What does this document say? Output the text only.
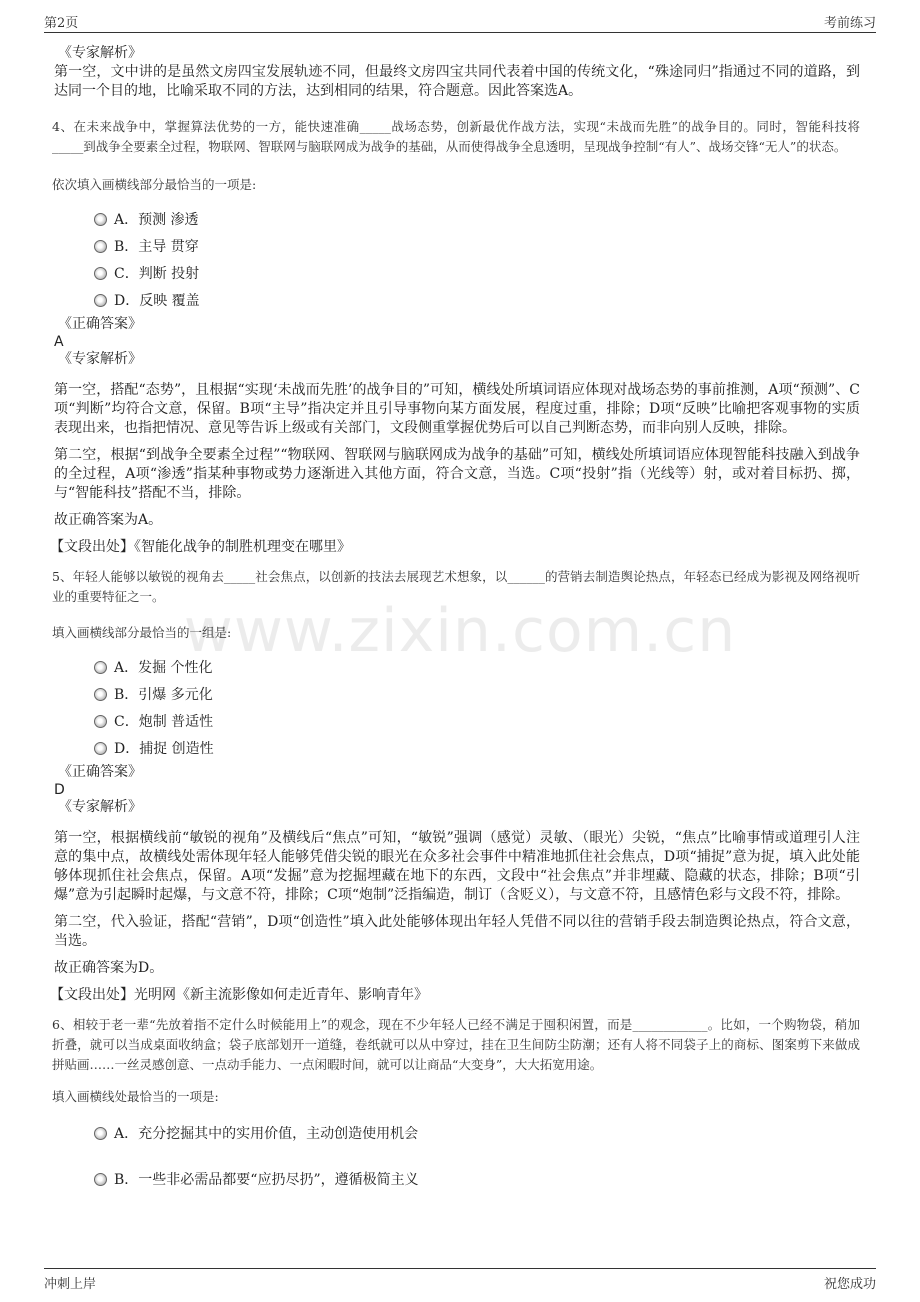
第2页	考前练习
www.zixin.com.cn
《专家解析》
第一空，文中讲的是虽然文房四宝发展轨迹不同，但最终文房四宝共同代表着中国的传统文化，“殊途同归”指通过不同的道路，到达同一个目的地，比喻采取不同的方法，达到相同的结果，符合题意。因此答案选A。
4、在未来战争中，掌握算法优势的一方，能快速准确_____战场态势，创新最优作战方法，实现“未战而先胜”的战争目的。同时，智能科技将_____到战争全要素全过程，物联网、智联网与脑联网成为战争的基础，从而使得战争全息透明，呈现战争控制“有人”、战场交锋“无人”的状态。
依次填入画横线部分最恰当的一项是:
A．预测 渗透
B．主导 贯穿
C．判断 投射
D．反映 覆盖
《正确答案》
A
《专家解析》
第一空，搭配“态势”，且根据“实现‘未战而先胜’的战争目的”可知，横线处所填词语应体现对战场态势的事前推测，A项“预测”、C项“判断”均符合文意，保留。B项“主导”指决定并且引导事物向某方面发展，程度过重，排除；D项“反映”比喻把客观事物的实质表现出来，也指把情况、意见等告诉上级或有关部门，文段侧重掌握优势后可以自己判断态势，而非向别人反映，排除。
第二空，根据“到战争全要素全过程”“物联网、智联网与脑联网成为战争的基础”可知，横线处所填词语应体现智能科技融入到战争的全过程，A项“渗透”指某种事物或势力逐渐进入其他方面，符合文意，当选。C项“投射”指（光线等）射，或对着目标扔、掷，与“智能科技”搭配不当，排除。
故正确答案为A。
【文段出处】《智能化战争的制胜机理变在哪里》
5、年轻人能够以敏锐的视角去_____社会焦点，以创新的技法去展现艺术想象，以______的营销去制造舆论热点，年轻态已经成为影视及网络视听业的重要特征之一。
填入画横线部分最恰当的一组是:
A．发掘 个性化
B．引爆 多元化
C．炮制 普适性
D．捕捉 创造性
《正确答案》
D
《专家解析》
第一空，根据横线前“敏锐的视角”及横线后“焦点”可知，“敏锐”强调（感觉）灵敏、（眼光）尖锐，“焦点”比喻事情或道理引人注意的集中点，故横线处需体现年轻人能够凭借尖锐的眼光在众多社会事件中精准地抓住社会焦点，D项“捕捉”意为捉，填入此处能够体现抓住社会焦点，保留。A项“发掘”意为挖掘埋藏在地下的东西，文段中“社会焦点”并非埋藏、隐藏的状态，排除；B项“引爆”意为引起瞬时起爆，与文意不符，排除；C项“炮制”泛指编造，制订（含贬义），与文意不符，且感情色彩与文段不符，排除。
第二空，代入验证，搭配“营销”，D项“创造性”填入此处能够体现出年轻人凭借不同以往的营销手段去制造舆论热点，符合文意，当选。
故正确答案为D。
【文段出处】光明网《新主流影像如何走近青年、影响青年》
6、相较于老一辈“先放着指不定什么时候能用上”的观念，现在不少年轻人已经不满足于囤积闲置，而是____________。比如，一个购物袋，稍加折叠，就可以当成桌面收纳盒；袋子底部划开一道缝，卷纸就可以从中穿过，挂在卫生间防尘防潮；还有人将不同袋子上的商标、图案剪下来做成拼贴画……一丝灵感创意、一点动手能力、一点闲暇时间，就可以让商品“大变身”，大大拓宽用途。
填入画横线处最恰当的一项是:
A．充分挖掘其中的实用价值，主动创造使用机会
B．一些非必需品都要“应扔尽扔”，遵循极简主义
冲刺上岸	祝您成功
